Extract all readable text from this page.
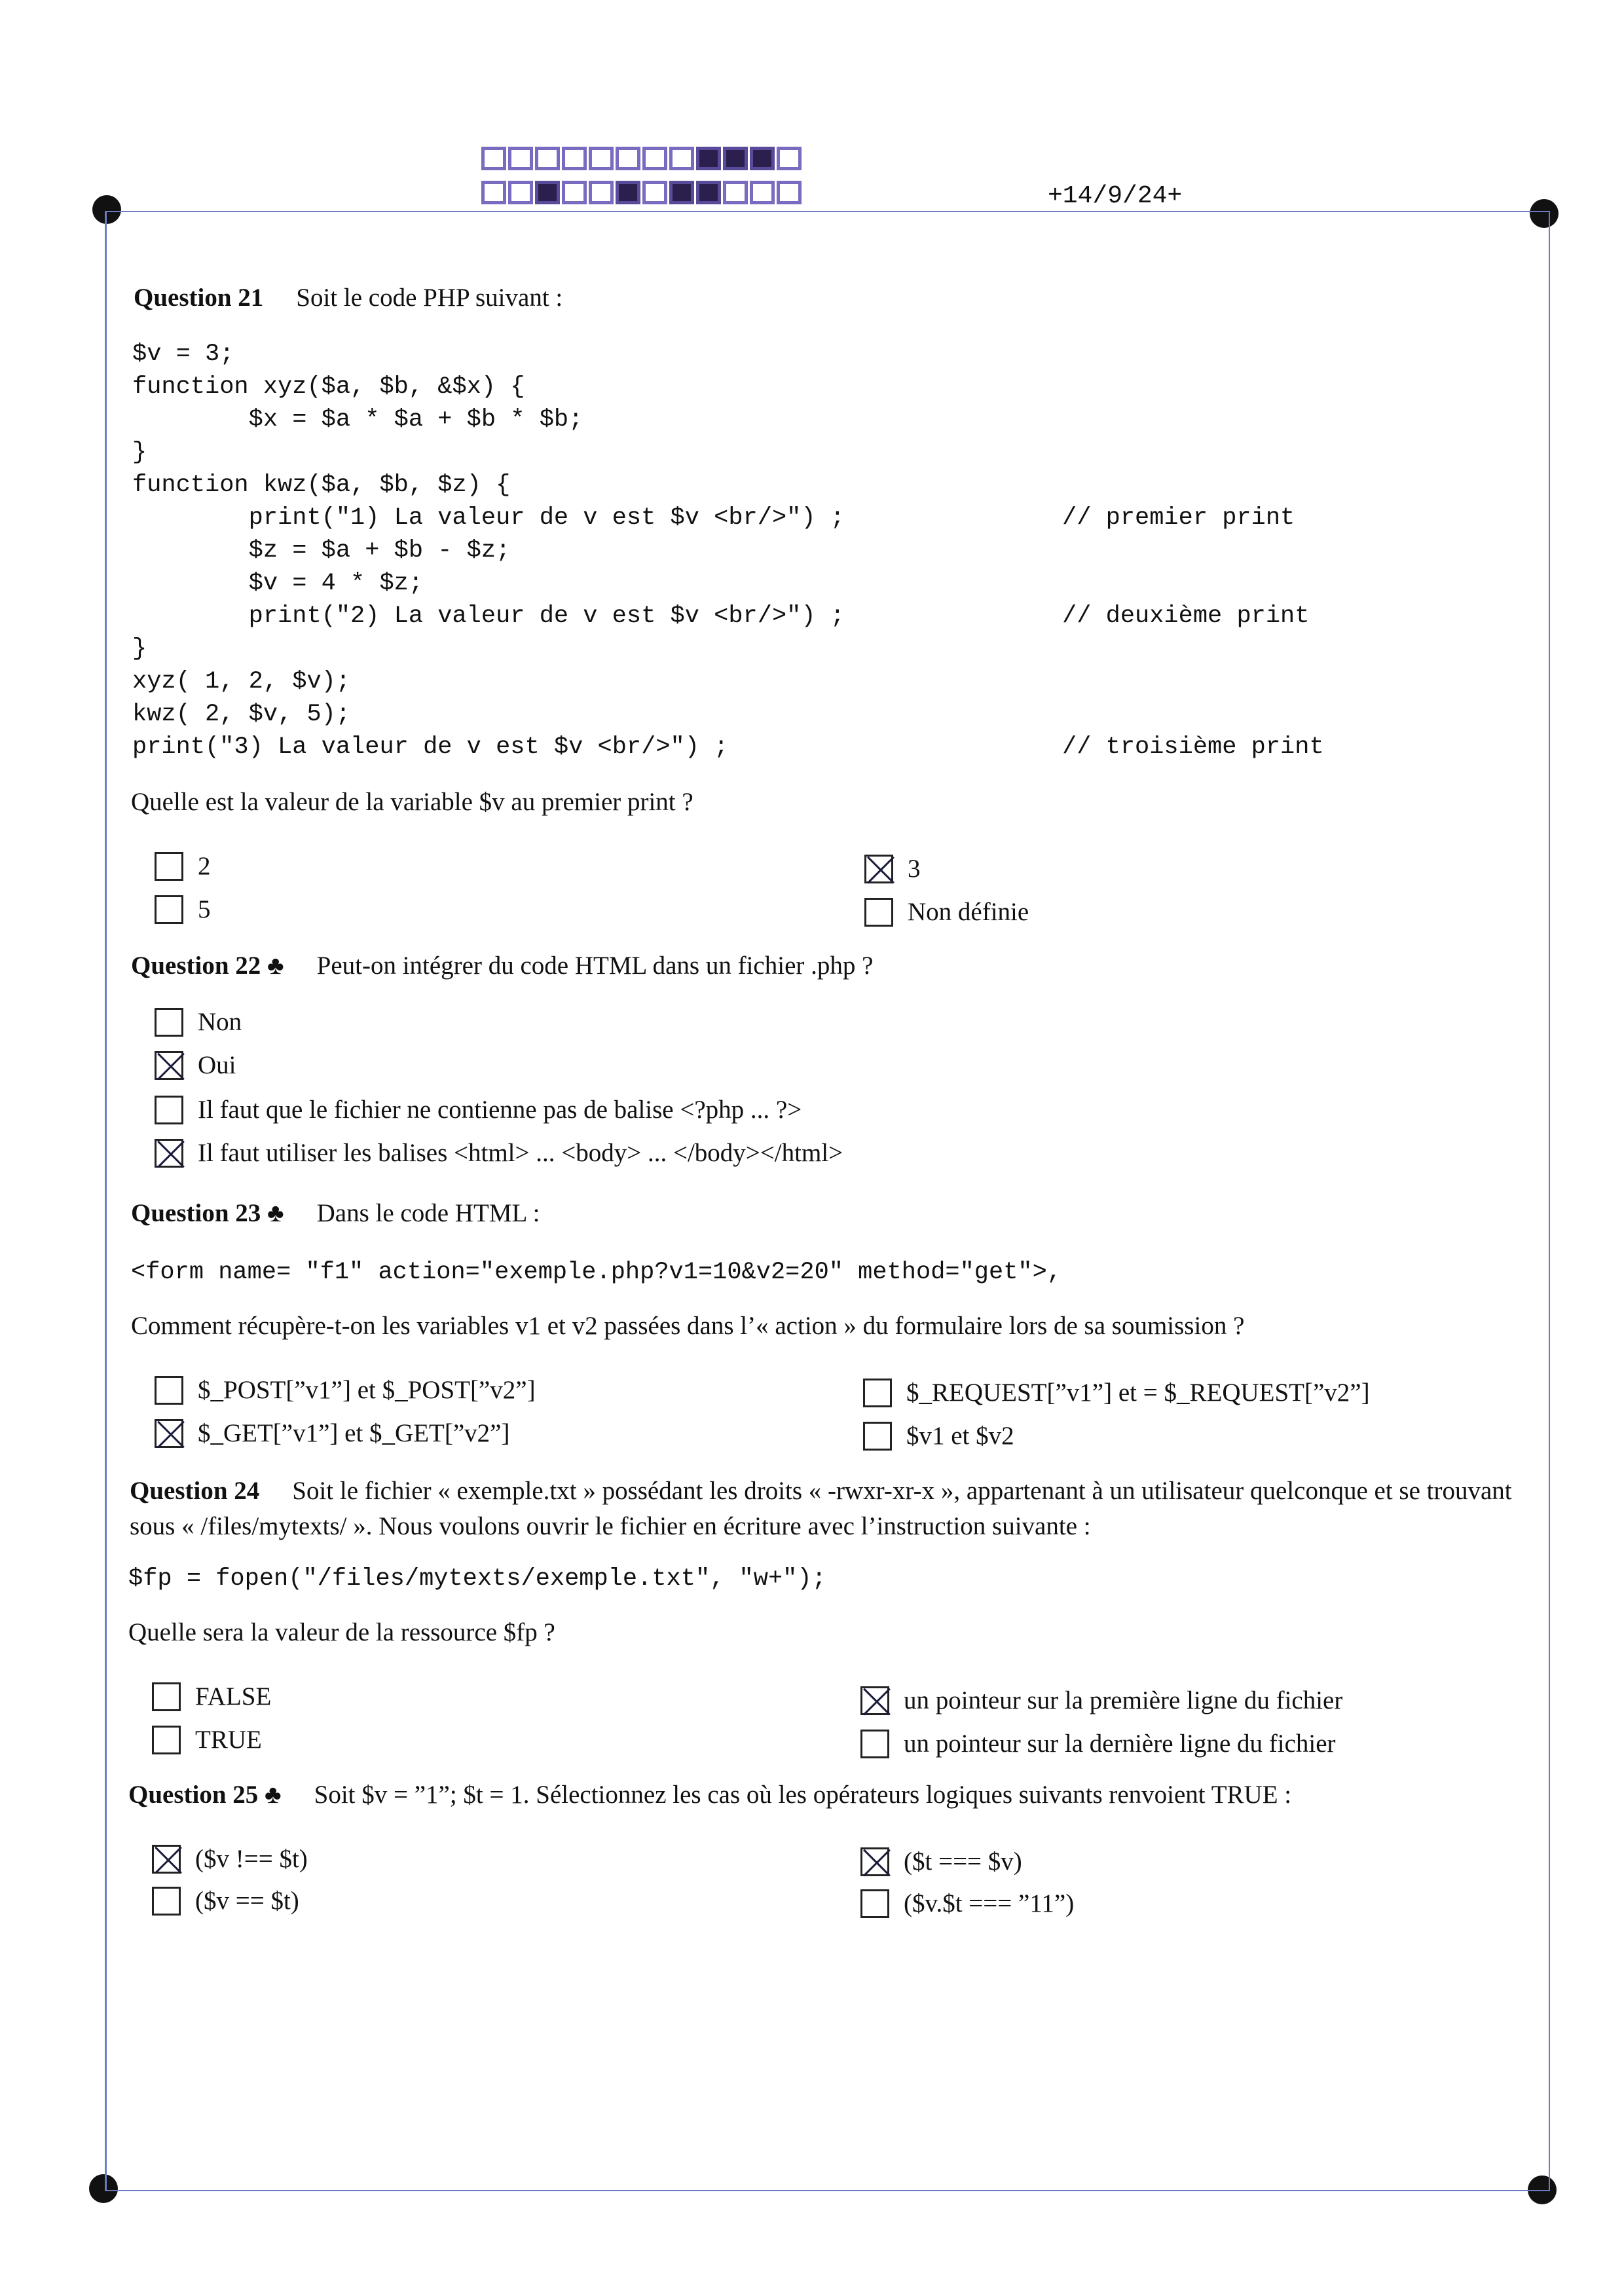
+14/9/24+
Question 21 Soit le code PHP suivant :
$v = 3;
function xyz($a, $b, &$x) {
$x = $a * $a + $b * $b;
}
function kwz($a, $b, $z) {
print("1) La valeur de v est $v <br/>") ;
$z = $a + $b - $z;
$v = 4 * $z;
print("2) La valeur de v est $v <br/>") ;
}
xyz( 1, 2, $v);
kwz( 2, $v, 5);
print("3) La valeur de v est $v <br/>") ;
// premier print
// deuxième print
// troisième print
Quelle est la valeur de la variable $v au premier print ?
2	3
5	Non définie
Question 22 ♣ Peut-on intégrer du code HTML dans un fichier .php ?
Non
Oui
Il faut que le fichier ne contienne pas de balise <?php ... ?>
Il faut utiliser les balises <html> ... <body> ... </body></html>
Question 23 ♣ Dans le code HTML :
<form name= "f1" action="exemple.php?v1=10&v2=20" method="get">,
Comment récupère-t-on les variables v1 et v2 passées dans l’« action » du formulaire lors de sa soumission ?
$_POST[”v1”] et $_POST[”v2”]	$_REQUEST[”v1”] et = $_REQUEST[”v2”]
$_GET[”v1”] et $_GET[”v2”]	$v1 et $v2
Question 24 Soit le fichier « exemple.txt » possédant les droits « -rwxr-xr-x », appartenant à un utilisateur quelconque et se trouvant sous « /files/mytexts/ ». Nous voulons ouvrir le fichier en écriture avec l’instruction suivante :
$fp = fopen("/files/mytexts/exemple.txt", "w+");
Quelle sera la valeur de la ressource $fp ?
FALSE	un pointeur sur la première ligne du fichier
TRUE	un pointeur sur la dernière ligne du fichier
Question 25 ♣ Soit $v = ”1”; $t = 1. Sélectionnez les cas où les opérateurs logiques suivants renvoient TRUE :
($v !== $t)	($t === $v)
($v == $t)	($v.$t === ”11”)
